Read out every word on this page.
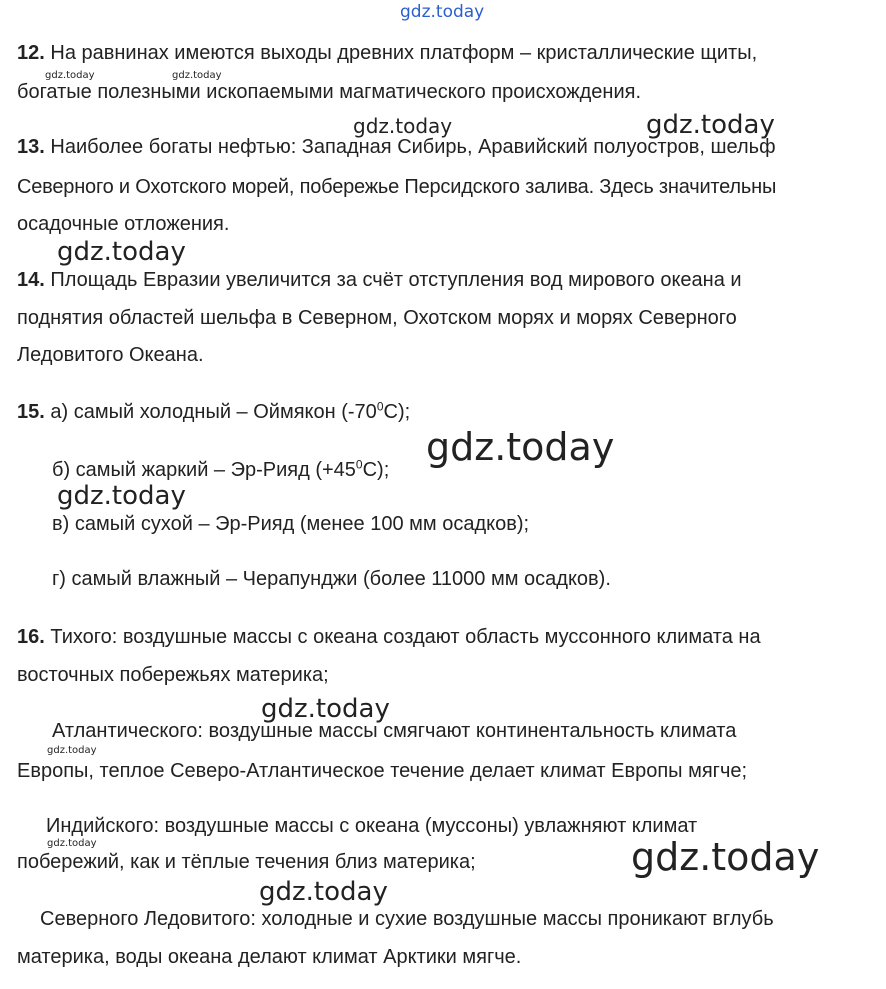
gdz.today
gdz.today	gdz.today
gdz.today	gdz.today
gdz.today
gdz.today
gdz.today
gdz.today
gdz.today
gdz.today	gdz.today
gdz.today
12. На равнинах имеются выходы древних платформ – кристаллические щиты,
богатые полезными ископаемыми магматического происхождения.
13. Наиболее богаты нефтью: Западная Сибирь, Аравийский полуостров, шельф
Северного и Охотского морей, побережье Персидского залива. Здесь значительны
осадочные отложения.
14. Площадь Евразии увеличится за счёт отступления вод мирового океана и
поднятия областей шельфа в Северном, Охотском морях и морях Северного
Ледовитого Океана.
15. а) самый холодный – Оймякон $(-70^0С)$;
б) самый жаркий – Эр-Рияд $(+45^0С)$;
в) самый сухой – Эр-Рияд (менее 100 мм осадков);
г) самый влажный – Черапунджи (более 11000 мм осадков).
16. Тихого: воздушные массы с океана создают область муссонного климата на
восточных побережьях материка;
Атлантического: воздушные массы смягчают континентальность климата
Европы, теплое Северо-Атлантическое течение делает климат Европы мягче;
Индийского: воздушные массы с океана (муссоны) увлажняют климат
побережий, как и тёплые течения близ материка;
Северного Ледовитого: холодные и сухие воздушные массы проникают вглубь
материка, воды океана делают климат Арктики мягче.
